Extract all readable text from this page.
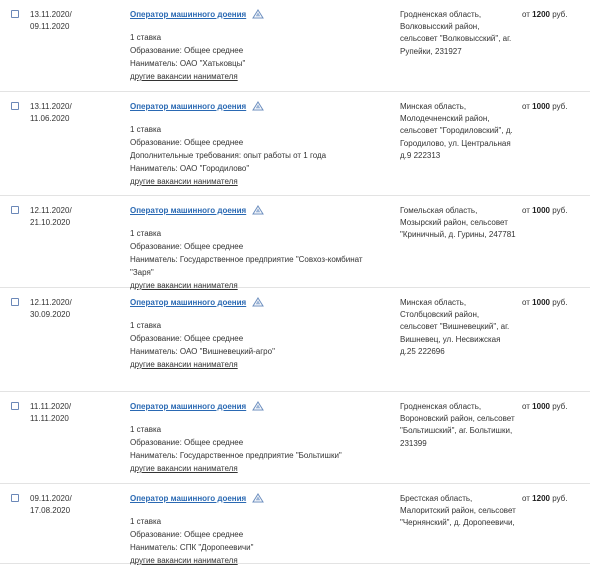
13.11.2020/
09.11.2020
Оператор машинного доения
1 ставка
Образование: Общее среднее
Наниматель: ОАО "Хатьковцы"
другие вакансии нанимателя
Гродненская область, Волковысский район, сельсовет "Волковысский", аг. Рупейки, 231927
от 1200 руб.
13.11.2020/
11.06.2020
Оператор машинного доения
1 ставка
Образование: Общее среднее
Дополнительные требования: опыт работы от 1 года
Наниматель: ОАО "Городилово"
другие вакансии нанимателя
Минская область, Молодечненский район, сельсовет "Городиловский", д. Городилово, ул. Центральная д.9 222313
от 1000 руб.
12.11.2020/
21.10.2020
Оператор машинного доения
1 ставка
Образование: Общее среднее
Наниматель: Государственное предприятие "Совхоз-комбинат "Заря"
другие вакансии нанимателя
Гомельская область, Мозырский район, сельсовет "Криничный, д. Гурины, 247781
от 1000 руб.
12.11.2020/
30.09.2020
Оператор машинного доения
1 ставка
Образование: Общее среднее
Наниматель: ОАО "Вишневецкий-агро"
другие вакансии нанимателя
Минская область, Столбцовский район, сельсовет "Вишневецкий", аг. Вишневец, ул. Несвижская д.25 222696
от 1000 руб.
11.11.2020/
11.11.2020
Оператор машинного доения
1 ставка
Образование: Общее среднее
Наниматель: Государственное предприятие "Больтишки"
другие вакансии нанимателя
Гродненская область, Вороновский район, сельсовет "Больтишский", аг. Больтишки, 231399
от 1000 руб.
09.11.2020/
17.08.2020
Оператор машинного доения
1 ставка
Образование: Общее среднее
Наниматель: СПК "Доропеевичи"
другие вакансии нанимателя
Брестская область, Малоритский район, сельсовет "Чернянский", д. Доропеевичи,
от 1200 руб.
